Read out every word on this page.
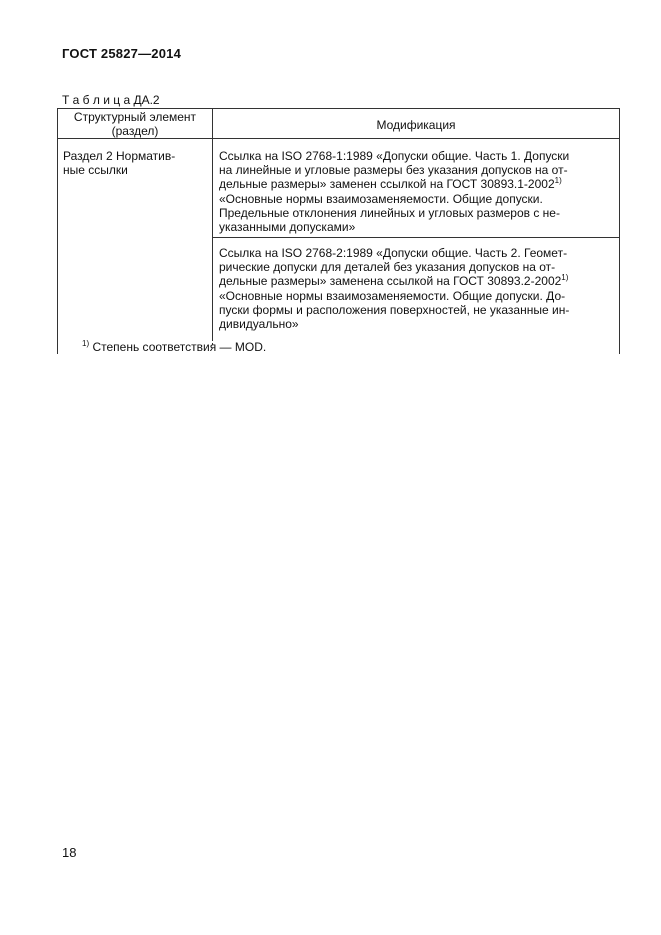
ГОСТ 25827—2014
Т а б л и ц а ДА.2
Структурный элемент
(раздел)	Модификация
Раздел 2 Норматив-
ные ссылки
Ссылка на ISO 2768-1:1989 «Допуски общие. Часть 1. Допуски
на линейные и угловые размеры без указания допусков на от-
дельные размеры» заменен ссылкой на ГОСТ 30893.1-2002$^{1)}$
«Основные нормы взаимозаменяемости. Общие допуски.
Предельные отклонения линейных и угловых размеров с не-
указанными допусками»
Ссылка на ISO 2768-2:1989 «Допуски общие. Часть 2. Геомет-
рические допуски для деталей без указания допусков на от-
дельные размеры» заменена ссылкой на ГОСТ 30893.2-2002$^{1)}$
«Основные нормы взаимозаменяемости. Общие допуски. До-
пуски формы и расположения поверхностей, не указанные ин-
дивидуально»
$^{1)}$ Степень соответствия — MOD.
18
